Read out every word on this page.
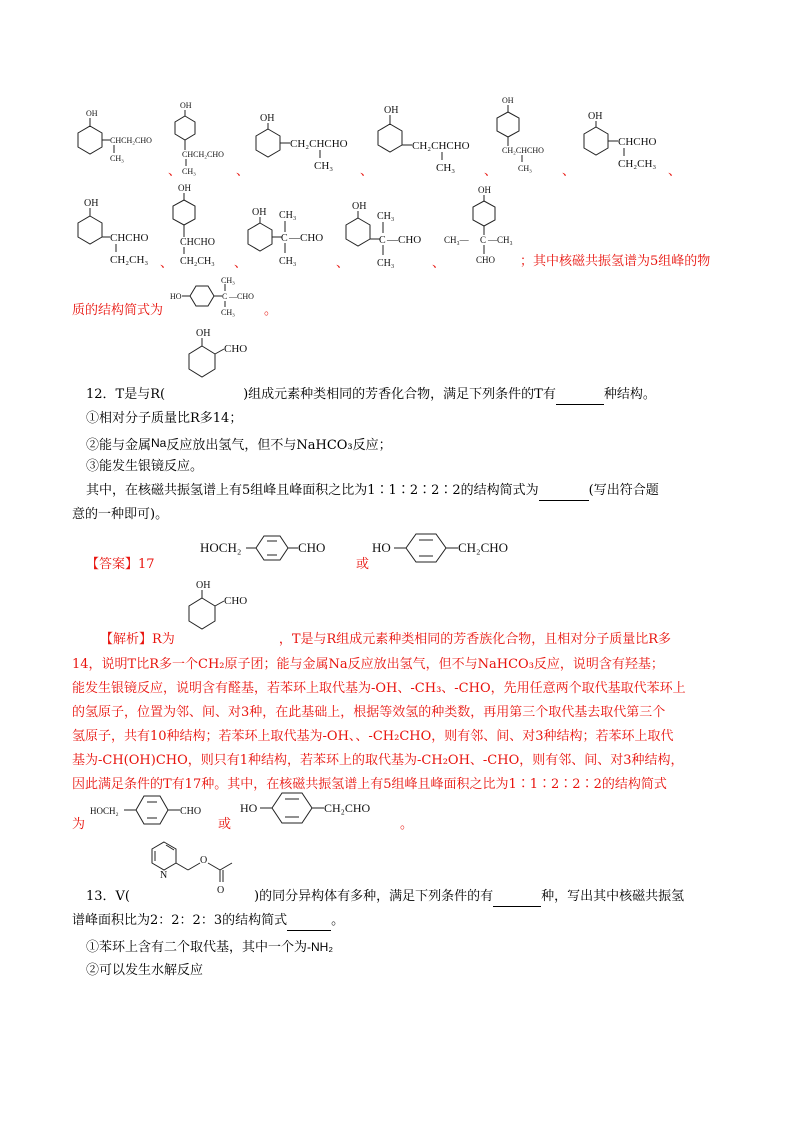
OH
CHCH₂CHO
CH₃
、
OH
CHCH₂CHO
CH₃	、
OH
CH₂CHCHO
CH₃ 、
OH
CH₂CHCHO
CH₃ 、
OH
CH₂CHCHO
CH₃ 、
OH
CHCHO
CH₂CH₃ 、
OH
CHCHO
CH₂CH₃ 、
OH
CHCHO
CH₂CH₃ 、
OH
C
CH₃
—CHO
CH₃	、
OH
C
CH₃
—CHO
CH₃	、
OH
CH₃— C —CH₃
CHO ；其中核磁共振氢谱为5组峰的物
质的结构简式为
HO	C
CH₃
—CHO
CH₃ 。
OH
CHO
12．T是与R(	)组成元素种类相同的芳香化合物，满足下列条件的T有	种结构。
①相对分子质量比R多14；
②能与金属Na反应放出氢气，但不与NaHCO₃反应；
③能发生银镜反应。
其中，在核磁共振氢谱上有5组峰且峰面积之比为1∶1∶2∶2∶2的结构简式为	(写出符合题
意的一种即可)。
【答案】17
HOCH₂	CHO
或
HO	CH₂CHO
OH
CHO
【解析】R为	，T是与R组成元素种类相同的芳香族化合物，且相对分子质量比R多
14，说明T比R多一个CH₂原子团；能与金属Na反应放出氢气，但不与NaHCO₃反应，说明含有羟基；
能发生银镜反应，说明含有醛基，若苯环上取代基为-OH、-CH₃、-CHO，先用任意两个取代基取代苯环上
的氢原子，位置为邻、间、对3种，在此基础上，根据等效氢的种类数，再用第三个取代基去取代第三个
氢原子，共有10种结构；若苯环上取代基为-OH、、-CH₂CHO，则有邻、间、对3种结构；若苯环上取代
基为-CH(OH)CHO，则只有1种结构，若苯环上的取代基为-CH₂OH、-CHO，则有邻、间、对3种结构，
因此满足条件的T有17种。其中，在核磁共振氢谱上有5组峰且峰面积之比为1∶1∶2∶2∶2的结构简式
为
HOCH₂	CHO
或
HO	CH₂CHO
。
N
O
O
13．V(	)的同分异构体有多种，满足下列条件的有	种，写出其中核磁共振氢
谱峰面积比为2：2：2：3的结构简式	。
①苯环上含有二个取代基，其中一个为-NH₂
②可以发生水解反应
